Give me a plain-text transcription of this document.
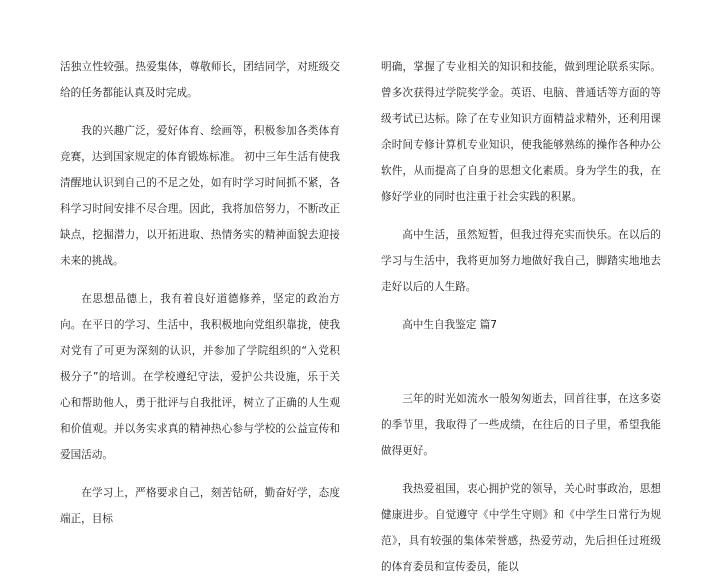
活独立性较强。热爱集体，尊敬师长，团结同学，对班级交给的任务都能认真及时完成。

我的兴趣广泛，爱好体育、绘画等，积极参加各类体育竞赛，达到国家规定的体育锻炼标准。 初中三年生活有使我清醒地认识到自己的不足之处，如有时学习时间抓不紧，各科学习时间安排不尽合理。因此，我将加倍努力，不断改正缺点，挖掘潜力，以开拓进取、热情务实的精神面貌去迎接未来的挑战。

在思想品德上，我有着良好道德修养，坚定的政治方向。在平日的学习、生活中，我积极地向党组织靠拢，使我对党有了可更为深刻的认识，并参加了学院组织的“入党积极分子”的培训。在学校遵纪守法，爱护公共设施，乐于关心和帮助他人，勇于批评与自我批评，树立了正确的人生观和价值观。并以务实求真的精神热心参与学校的公益宣传和爱国活动。

在学习上，严格要求自己，刻苦钻研，勤奋好学，态度端正，目标

明确，掌握了专业相关的知识和技能，做到理论联系实际。曾多次获得过学院奖学金。英语、电脑、普通话等方面的等级考试已达标。除了在专业知识方面精益求精外，还利用课余时间专修计算机专业知识，使我能够熟练的操作各种办公软件，从而提高了自身的思想文化素质。身为学生的我，在修好学业的同时也注重于社会实践的积累。

高中生活，虽然短暂，但我过得充实而快乐。在以后的学习与生活中，我将更加努力地做好我自己，脚踏实地地去走好以后的人生路。

高中生自我鉴定 篇7

三年的时光如流水一般匆匆逝去，回首往事，在这多姿的季节里，我取得了一些成绩，在往后的日子里，希望我能做得更好。

我热爱祖国，衷心拥护党的领导，关心时事政治，思想健康进步。自觉遵守《中学生守则》和《中学生日常行为规范》，具有较强的集体荣誉感，热爱劳动，先后担任过班级的体育委员和宣传委员，能以
